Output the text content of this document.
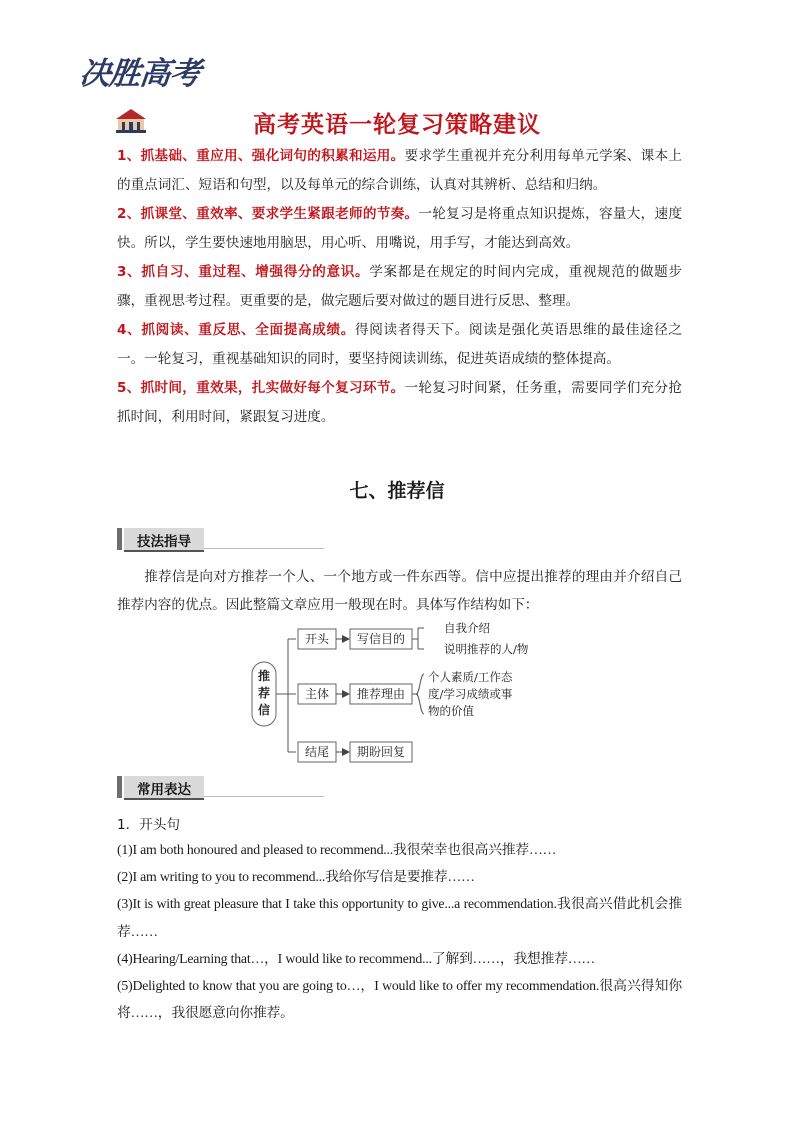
决胜高考
高考英语一轮复习策略建议
1、抓基础、重应用、强化词句的积累和运用。要求学生重视并充分利用每单元学案、课本上的重点词汇、短语和句型，以及每单元的综合训练，认真对其辨析、总结和归纳。
2、抓课堂、重效率、要求学生紧跟老师的节奏。一轮复习是将重点知识提炼，容量大，速度快。所以，学生要快速地用脑思，用心听、用嘴说，用手写，才能达到高效。
3、抓自习、重过程、增强得分的意识。学案都是在规定的时间内完成，重视规范的做题步骤，重视思考过程。更重要的是，做完题后要对做过的题目进行反思、整理。
4、抓阅读、重反思、全面提高成绩。得阅读者得天下。阅读是强化英语思维的最佳途径之一。一轮复习，重视基础知识的同时，要坚持阅读训练，促进英语成绩的整体提高。
5、抓时间，重效果，扎实做好每个复习环节。一轮复习时间紧，任务重，需要同学们充分抢抓时间，利用时间，紧跟复习进度。
七、推荐信
技法指导

推荐信是向对方推荐一个人、一个地方或一件东西等。信中应提出推荐的理由并介绍自己推荐内容的优点。因此整篇文章应用一般现在时。具体写作结构如下：

推
荐
信
开头 写信目的
自我介绍
说明推荐的人/物
主体 推荐理由
个人素质/工作态
度/学习成绩或事
物的价值
结尾 期盼回复
常用表达

1．开头句

(1)I am both honoured and pleased to recommend...我很荣幸也很高兴推荐……
(2)I am writing to you to recommend...我给你写信是要推荐……
(3)It is with great pleasure that I take this opportunity to give...a recommendation.我很高兴借此机会推荐……
(4)Hearing/Learning that…，I would like to recommend...了解到……，我想推荐……
(5)Delighted to know that you are going to…，I would like to offer my recommendation.很高兴得知你将……，我很愿意向你推荐。
